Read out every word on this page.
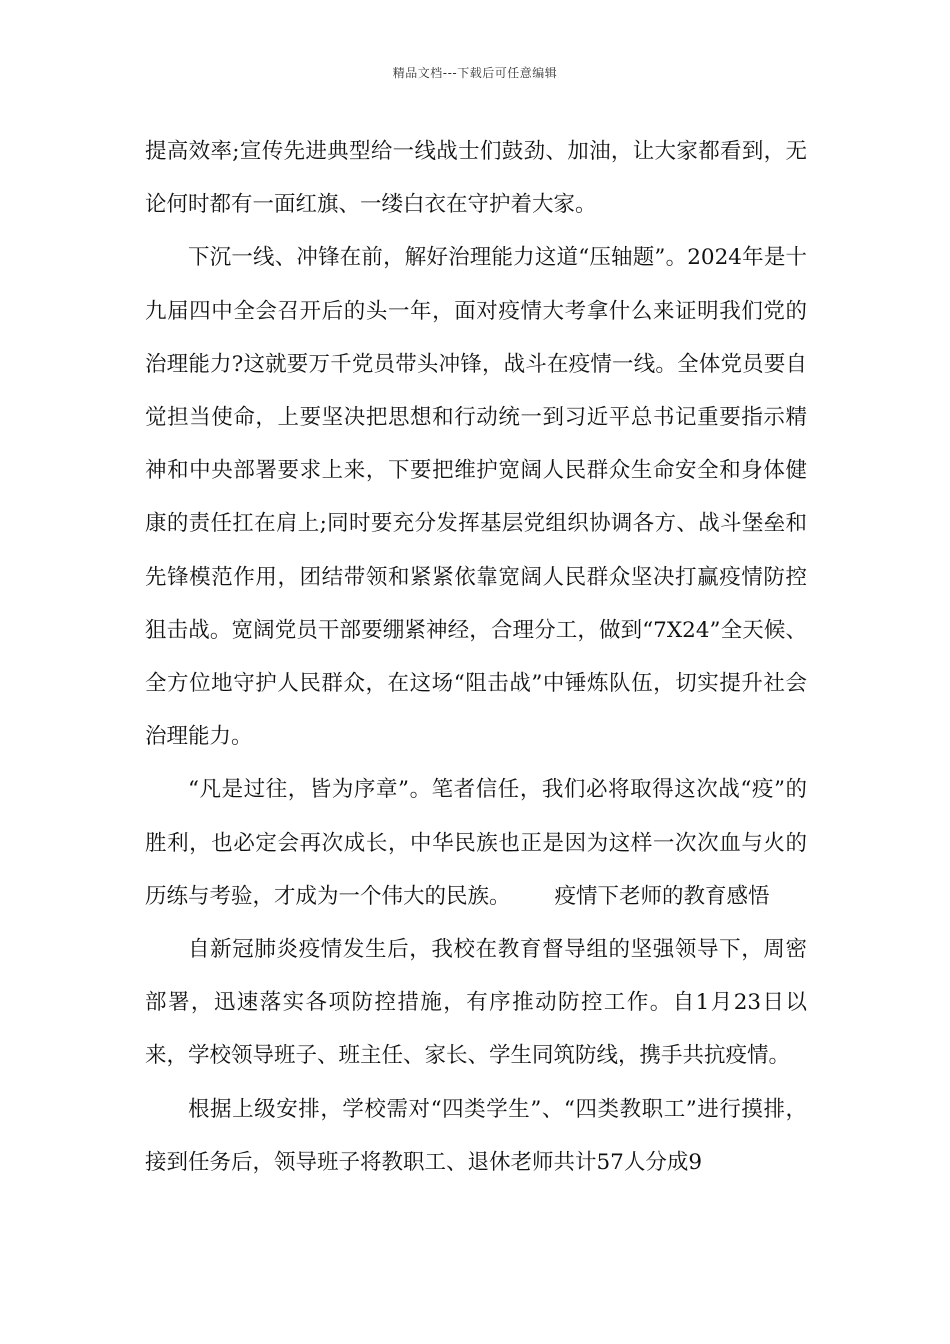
精品文档---下载后可任意编辑

提高效率;宣传先进典型给一线战士们鼓劲、加油，让大家都看到，无论何时都有一面红旗、一缕白衣在守护着大家。

下沉一线、冲锋在前，解好治理能力这道“压轴题”。2024年是十九届四中全会召开后的头一年，面对疫情大考拿什么来证明我们党的治理能力?这就要万千党员带头冲锋，战斗在疫情一线。全体党员要自觉担当使命，上要坚决把思想和行动统一到习近平总书记重要指示精神和中央部署要求上来，下要把维护宽阔人民群众生命安全和身体健康的责任扛在肩上;同时要充分发挥基层党组织协调各方、战斗堡垒和先锋模范作用，团结带领和紧紧依靠宽阔人民群众坚决打赢疫情防控狙击战。宽阔党员干部要绷紧神经，合理分工，做到“7X24”全天候、全方位地守护人民群众，在这场“阻击战”中锤炼队伍，切实提升社会治理能力。

“凡是过往，皆为序章”。笔者信任，我们必将取得这次战“疫”的胜利，也必定会再次成长，中华民族也正是因为这样一次次血与火的历练与考验，才成为一个伟大的民族。 疫情下老师的教育感悟

自新冠肺炎疫情发生后，我校在教育督导组的坚强领导下，周密部署，迅速落实各项防控措施，有序推动防控工作。自1月23日以来，学校领导班子、班主任、家长、学生同筑防线，携手共抗疫情。

根据上级安排，学校需对“四类学生”、“四类教职工”进行摸排，接到任务后，领导班子将教职工、退休老师共计57人分成9
